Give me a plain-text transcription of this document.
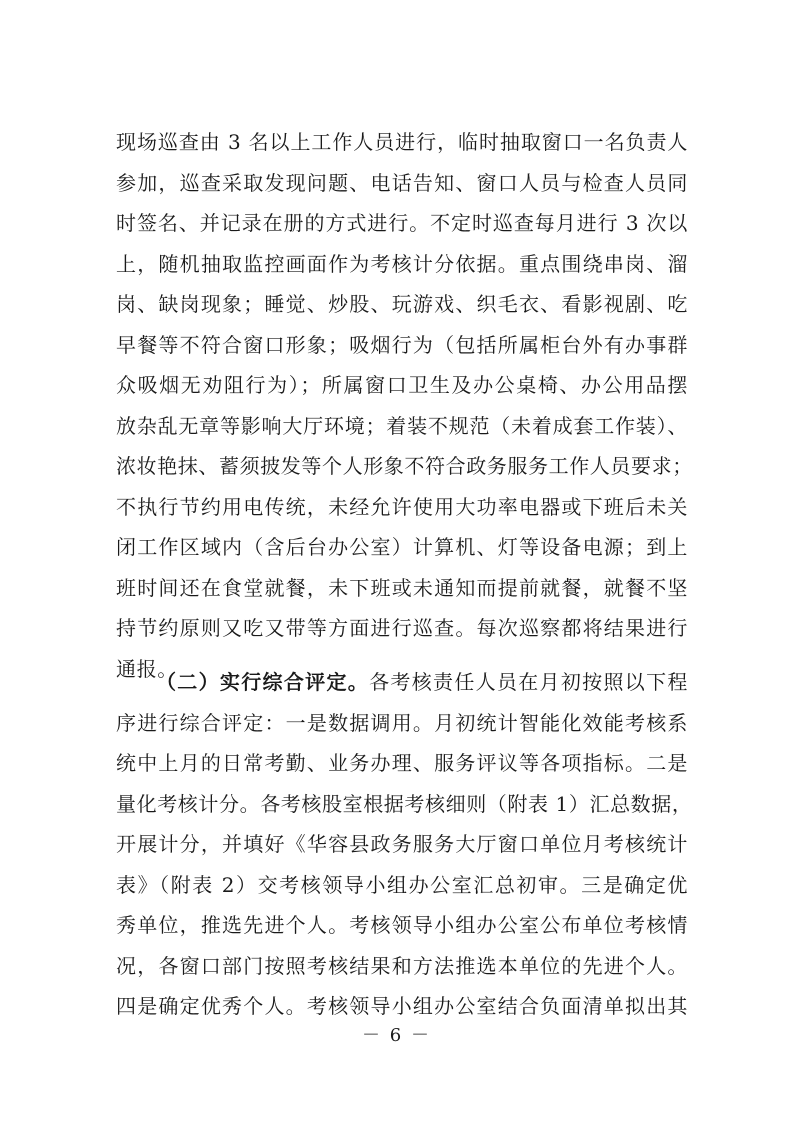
现场巡查由 3 名以上工作人员进行，临时抽取窗口一名负责人
参加，巡查采取发现问题、电话告知、窗口人员与检查人员同
时签名、并记录在册的方式进行。不定时巡查每月进行 3 次以
上，随机抽取监控画面作为考核计分依据。重点围绕串岗、溜
岗、缺岗现象；睡觉、炒股、玩游戏、织毛衣、看影视剧、吃
早餐等不符合窗口形象；吸烟行为（包括所属柜台外有办事群
众吸烟无劝阻行为）；所属窗口卫生及办公桌椅、办公用品摆
放杂乱无章等影响大厅环境；着装不规范（未着成套工作装）、
浓妆艳抹、蓄须披发等个人形象不符合政务服务工作人员要求；
不执行节约用电传统，未经允许使用大功率电器或下班后未关
闭工作区域内（含后台办公室）计算机、灯等设备电源；到上
班时间还在食堂就餐，未下班或未通知而提前就餐，就餐不坚
持节约原则又吃又带等方面进行巡查。每次巡察都将结果进行
通报。
（二）实行综合评定。各考核责任人员在月初按照以下程
序进行综合评定：一是数据调用。月初统计智能化效能考核系
统中上月的日常考勤、业务办理、服务评议等各项指标。二是
量化考核计分。各考核股室根据考核细则（附表 1）汇总数据，
开展计分，并填好《华容县政务服务大厅窗口单位月考核统计
表》（附表 2）交考核领导小组办公室汇总初审。三是确定优
秀单位，推选先进个人。考核领导小组办公室公布单位考核情
况，各窗口部门按照考核结果和方法推选本单位的先进个人。
四是确定优秀个人。考核领导小组办公室结合负面清单拟出其
－ 6 －
